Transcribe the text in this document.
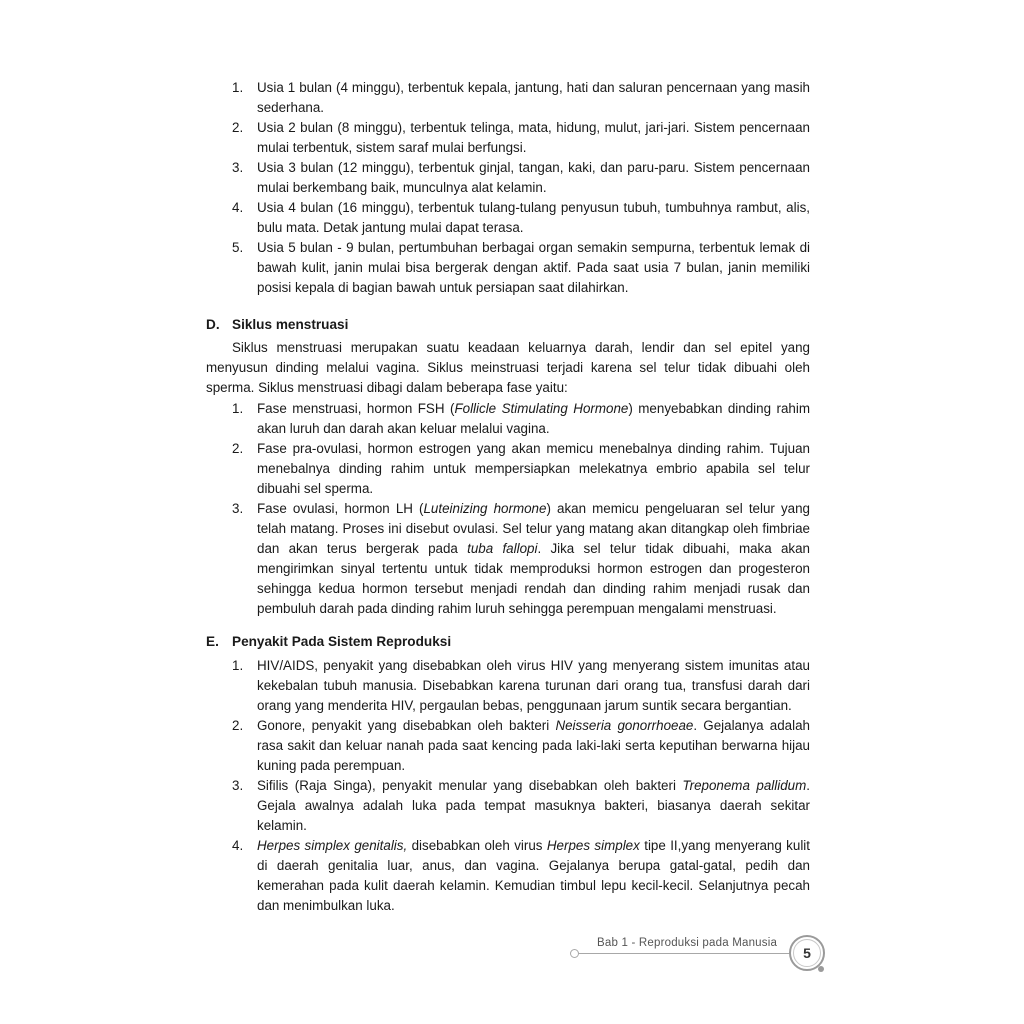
1. Usia 1 bulan (4 minggu), terbentuk kepala, jantung, hati dan saluran pencernaan yang masih sederhana.
2. Usia 2 bulan (8 minggu), terbentuk telinga, mata, hidung, mulut, jari-jari. Sistem pencernaan mulai terbentuk, sistem saraf mulai berfungsi.
3. Usia 3 bulan (12 minggu), terbentuk ginjal, tangan, kaki, dan paru-paru. Sistem pencernaan mulai berkembang baik, munculnya alat kelamin.
4. Usia 4 bulan (16 minggu), terbentuk tulang-tulang penyusun tubuh, tumbuhnya rambut, alis, bulu mata. Detak jantung mulai dapat terasa.
5. Usia 5 bulan - 9 bulan, pertumbuhan berbagai organ semakin sempurna, terbentuk lemak di bawah kulit, janin mulai bisa bergerak dengan aktif. Pada saat usia 7 bulan, janin memiliki posisi kepala di bagian bawah untuk persiapan saat dilahirkan.
D. Siklus menstruasi

Siklus menstruasi merupakan suatu keadaan keluarnya darah, lendir dan sel epitel yang menyusun dinding melalui vagina. Siklus meinstruasi terjadi karena sel telur tidak dibuahi oleh sperma. Siklus menstruasi dibagi dalam beberapa fase yaitu:

1. Fase menstruasi, hormon FSH (Follicle Stimulating Hormone) menyebabkan dinding rahim akan luruh dan darah akan keluar melalui vagina.
2. Fase pra-ovulasi, hormon estrogen yang akan memicu menebalnya dinding rahim. Tujuan menebalnya dinding rahim untuk mempersiapkan melekatnya embrio apabila sel telur dibuahi sel sperma.
3. Fase ovulasi, hormon LH (Luteinizing hormone) akan memicu pengeluaran sel telur yang telah matang. Proses ini disebut ovulasi. Sel telur yang matang akan ditangkap oleh fimbriae dan akan terus bergerak pada tuba fallopi. Jika sel telur tidak dibuahi, maka akan mengirimkan sinyal tertentu untuk tidak memproduksi hormon estrogen dan progesteron sehingga kedua hormon tersebut menjadi rendah dan dinding rahim menjadi rusak dan pembuluh darah pada dinding rahim luruh sehingga perempuan mengalami menstruasi.
E. Penyakit Pada Sistem Reproduksi
1. HIV/AIDS, penyakit yang disebabkan oleh virus HIV yang menyerang sistem imunitas atau kekebalan tubuh manusia. Disebabkan karena turunan dari orang tua, transfusi darah dari orang yang menderita HIV, pergaulan bebas, penggunaan jarum suntik secara bergantian.
2. Gonore, penyakit yang disebabkan oleh bakteri Neisseria gonorrhoeae. Gejalanya adalah rasa sakit dan keluar nanah pada saat kencing pada laki-laki serta keputihan berwarna hijau kuning pada perempuan.
3. Sifilis (Raja Singa), penyakit menular yang disebabkan oleh bakteri Treponema pallidum. Gejala awalnya adalah luka pada tempat masuknya bakteri, biasanya daerah sekitar kelamin.
4. Herpes simplex genitalis, disebabkan oleh virus Herpes simplex tipe II,yang menyerang kulit di daerah genitalia luar, anus, dan vagina. Gejalanya berupa gatal-gatal, pedih dan kemerahan pada kulit daerah kelamin. Kemudian timbul lepu kecil-kecil. Selanjutnya pecah dan menimbulkan luka.
Bab 1 - Reproduksi pada Manusia
5
